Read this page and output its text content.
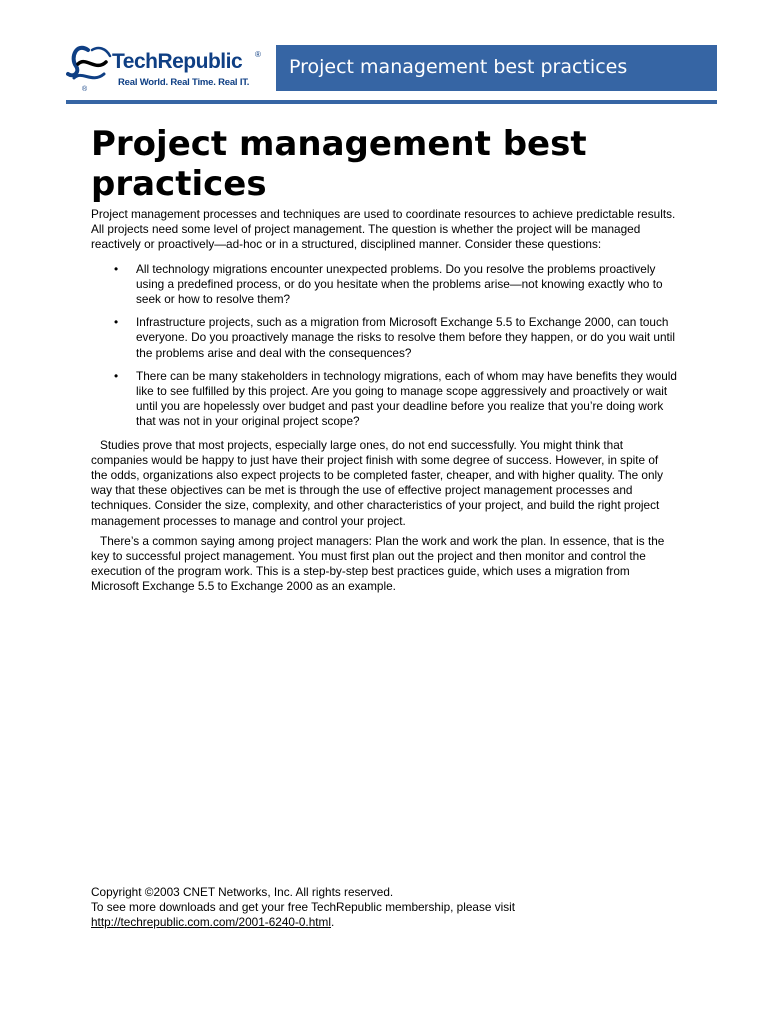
TechRepublic ®
Real World. Real Time. Real IT.
®
Project management best practices
Project management best practices

Project management processes and techniques are used to coordinate resources to achieve predictable results. All projects need some level of project management. The question is whether the project will be managed reactively or proactively—ad-hoc or in a structured, disciplined manner. Consider these questions:

• All technology migrations encounter unexpected problems. Do you resolve the problems proactively using a predefined process, or do you hesitate when the problems arise—not knowing exactly who to seek or how to resolve them?
• Infrastructure projects, such as a migration from Microsoft Exchange 5.5 to Exchange 2000, can touch everyone. Do you proactively manage the risks to resolve them before they happen, or do you wait until the problems arise and deal with the consequences?
• There can be many stakeholders in technology migrations, each of whom may have benefits they would like to see fulfilled by this project. Are you going to manage scope aggressively and proactively or wait until you are hopelessly over budget and past your deadline before you realize that you’re doing work that was not in your original project scope?

Studies prove that most projects, especially large ones, do not end successfully. You might think that companies would be happy to just have their project finish with some degree of success. However, in spite of the odds, organizations also expect projects to be completed faster, cheaper, and with higher quality. The only way that these objectives can be met is through the use of effective project management processes and techniques. Consider the size, complexity, and other characteristics of your project, and build the right project management processes to manage and control your project.

There’s a common saying among project managers: Plan the work and work the plan. In essence, that is the key to successful project management. You must first plan out the project and then monitor and control the execution of the program work. This is a step-by-step best practices guide, which uses a migration from Microsoft Exchange 5.5 to Exchange 2000 as an example.

Copyright ©2003 CNET Networks, Inc. All rights reserved.
To see more downloads and get your free TechRepublic membership, please visit
http://techrepublic.com.com/2001-6240-0.html.
